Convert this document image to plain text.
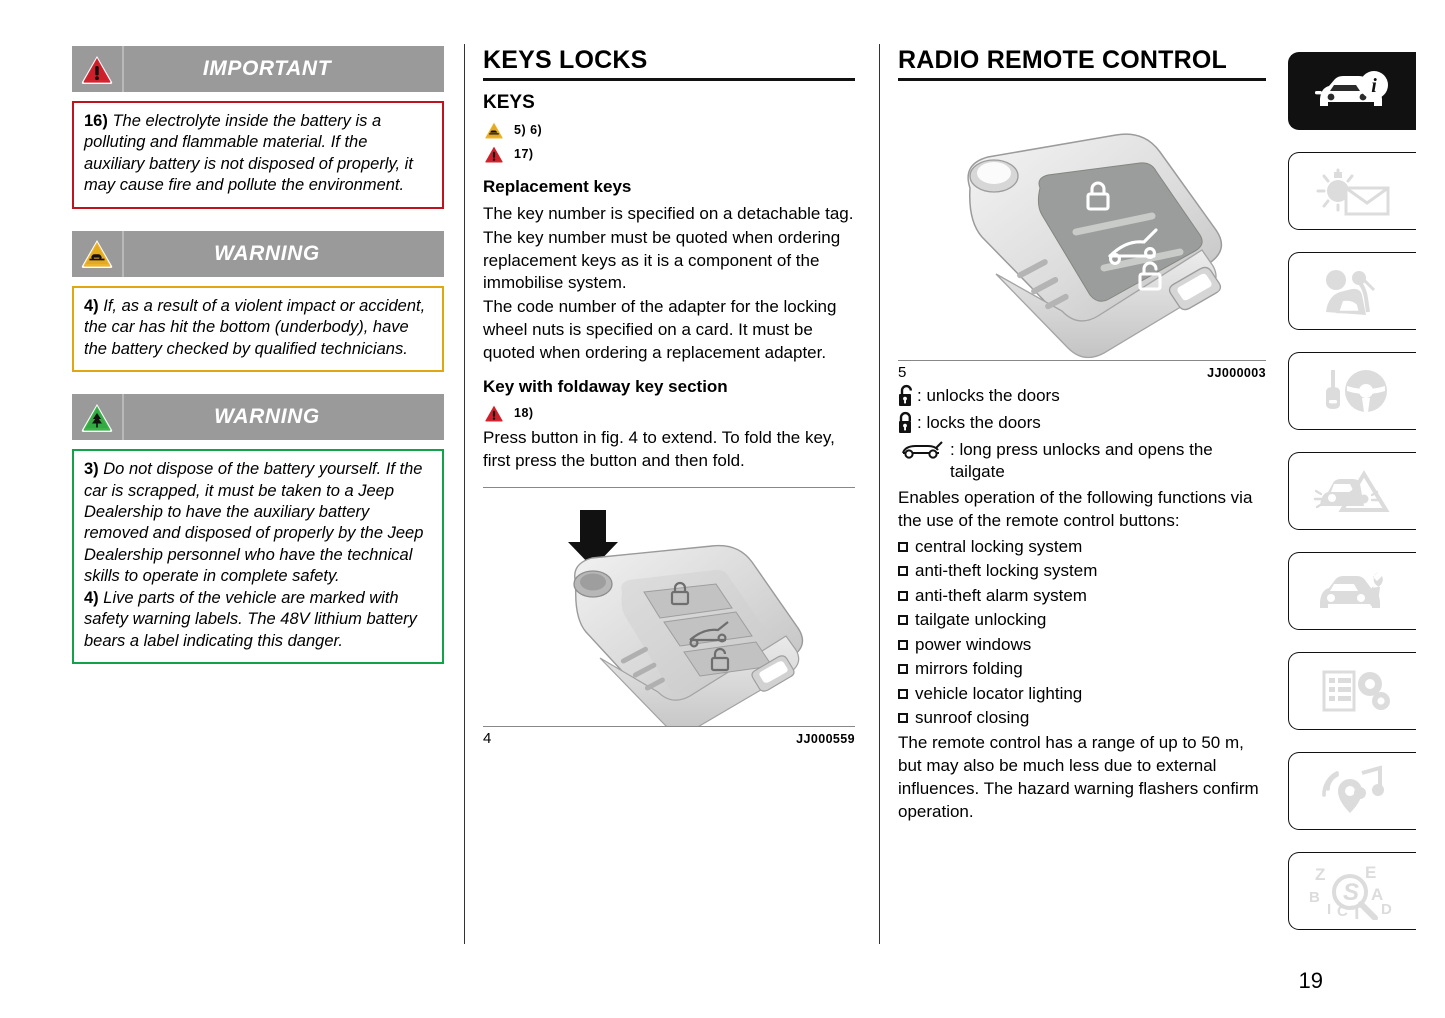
IMPORTANT
16) The electrolyte inside the battery is a polluting and flammable material. If the auxiliary battery is not disposed of properly, it may cause fire and pollute the environment.
WARNING
4) If, as a result of a violent impact or accident, the car has hit the bottom (underbody), have the battery checked by qualified technicians.
WARNING
3) Do not dispose of the battery yourself. If the car is scrapped, it must be taken to a Jeep Dealership to have the auxiliary battery removed and disposed of properly by the Jeep Dealership personnel who have the technical skills to operate in complete safety.
4) Live parts of the vehicle are marked with safety warning labels. The 48V lithium battery bears a label indicating this danger.
KEYS LOCKS
KEYS
5) 6)
17)
Replacement keys

The key number is specified on a detachable tag.

The key number must be quoted when ordering replacement keys as it is a component of the immobilise system.

The code number of the adapter for the locking wheel nuts is specified on a card. It must be quoted when ordering a replacement adapter.

Key with foldaway key section
18)

Press button in fig. 4 to extend. To fold the key, first press the button and then fold.

4	JJ000559
RADIO REMOTE CONTROL
5	JJ000003
: unlocks the doors
: locks the doors
: long press unlocks and opens the tailgate

Enables operation of the following functions via the use of the remote control buttons:

central locking system
anti-theft locking system
anti-theft alarm system
tailgate unlocking
power windows
mirrors folding
vehicle locator lighting
sunroof closing

The remote control has a range of up to 50 m, but may also be much less due to external influences. The hazard warning flashers confirm operation.

i
Z
B
I C T
E
A
D
S
19
